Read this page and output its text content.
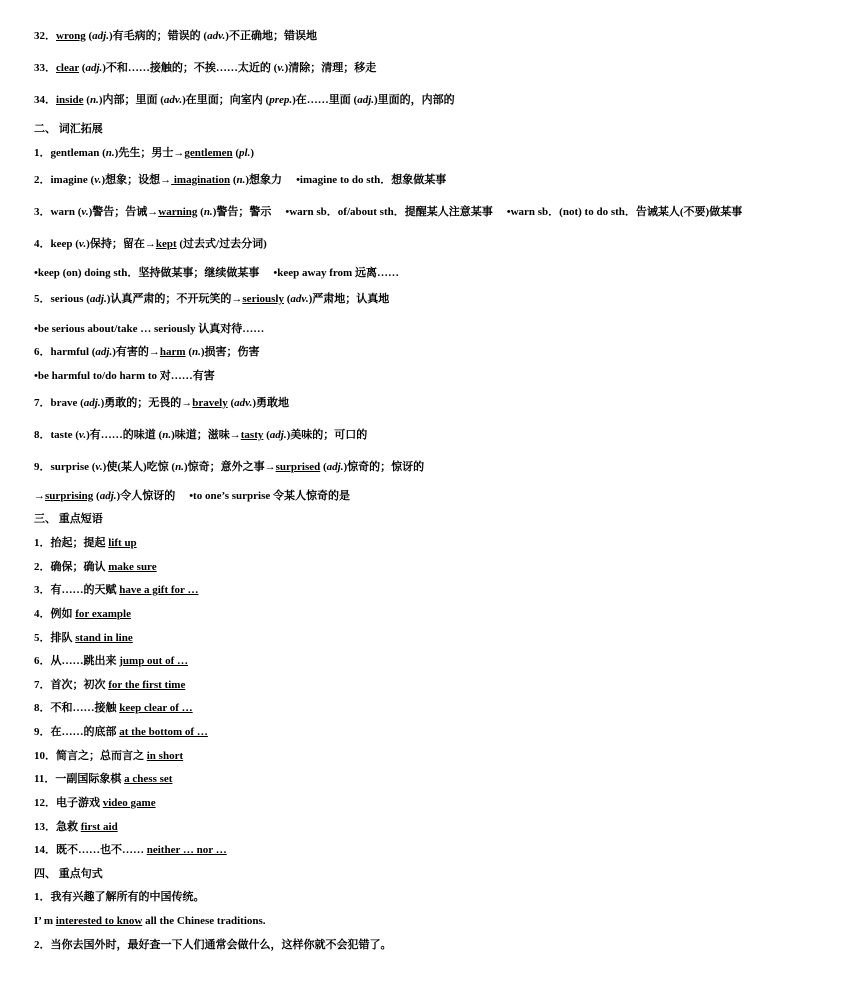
32．wrong (adj.)有毛病的；错误的 (adv.)不正确地；错误地
33．clear (adj.)不和……接触的；不挨……太近的 (v.)清除；清理；移走
34．inside (n.)内部；里面 (adv.)在里面；向室内 (prep.)在……里面 (adj.)里面的，内部的
二、 词汇拓展
1．gentleman (n.)先生；男士→gentlemen (pl.)
2．imagine (v.)想象；设想→ imagination (n.)想象力 •imagine to do sth．想象做某事
3．warn (v.)警告；告诫→warning (n.)警告；警示 •warn sb．of/about sth．提醒某人注意某事 •warn sb．(not) to do sth．告诫某人(不要)做某事
4．keep (v.)保持；留在→kept (过去式/过去分词)
•keep (on) doing sth．坚持做某事；继续做某事 •keep away from 远离……
5．serious (adj.)认真严肃的；不开玩笑的→seriously (adv.)严肃地；认真地
•be serious about/take … seriously 认真对待……
6．harmful (adj.)有害的→harm (n.)损害；伤害
•be harmful to/do harm to 对……有害
7．brave (adj.)勇敢的；无畏的→bravely (adv.)勇敢地
8．taste (v.)有……的味道 (n.)味道；滋味→tasty (adj.)美味的；可口的
9．surprise (v.)使(某人)吃惊 (n.)惊奇；意外之事→surprised (adj.)惊奇的；惊讶的
→surprising (adj.)令人惊讶的 •to one’s surprise 令某人惊奇的是
三、 重点短语
1．抬起；提起 lift up
2．确保；确认 make sure
3．有……的天赋 have a gift for …
4．例如 for example
5．排队 stand in line
6．从……跳出来 jump out of …
7．首次；初次 for the first time
8．不和……接触 keep clear of …
9．在……的底部 at the bottom of …
10．简言之；总而言之 in short
11．一副国际象棋 a chess set
12．电子游戏 video game
13．急救 first aid
14．既不……也不…… neither … nor …
四、 重点句式
1．我有兴趣了解所有的中国传统。
I’ m interested to know all the Chinese traditions.
2．当你去国外时，最好查一下人们通常会做什么，这样你就不会犯错了。
